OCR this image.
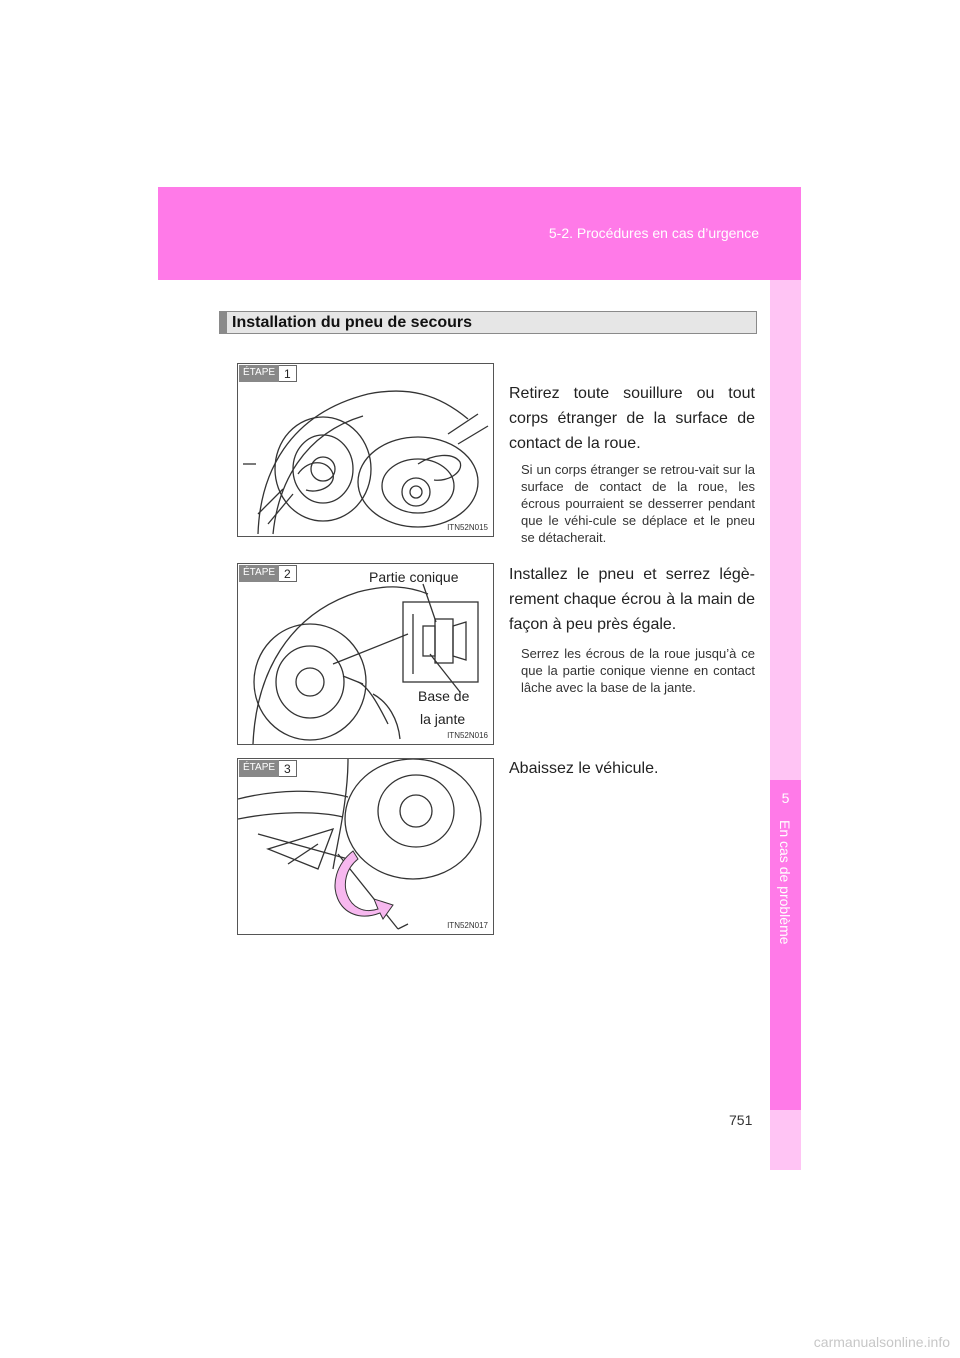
5-2. Procédures en cas d’urgence
5
En cas de problème
Installation du pneu de secours
ÉTAPE 1
ITN52N015
Retirez toute souillure ou tout corps étranger de la surface de contact de la roue.
Si un corps étranger se retrou-vait sur la surface de contact de la roue, les écrous pourraient se desserrer pendant que le véhi-cule se déplace et le pneu se détacherait.
ÉTAPE 2	Partie conique
Base de
la jante
ITN52N016
Installez le pneu et serrez légè-rement chaque écrou à la main de façon à peu près égale.
Serrez les écrous de la roue jusqu’à ce que la partie conique vienne en contact lâche avec la base de la jante.
ÉTAPE 3
ITN52N017
Abaissez le véhicule.
751
carmanualsonline.info
